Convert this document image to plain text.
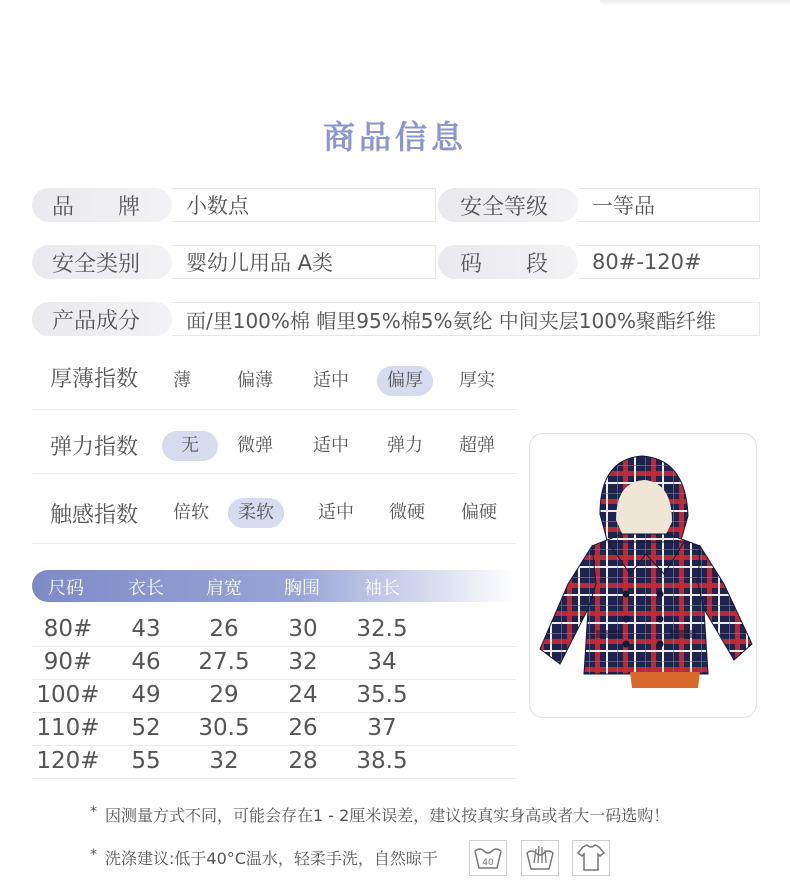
商品信息
品　　牌	小数点	安全等级	一等品
安全类别	婴幼儿用品 A类	码　　段	80#-120#
产品成分	面/里100%棉 帽里95%棉5%氨纶 中间夹层100%聚酯纤维
厚薄指数	薄	偏薄	适中	偏厚	厚实
弹力指数	无	微弹	适中	弹力	超弹
触感指数	倍软	柔软	适中	微硬	偏硬
尺码 衣长 肩宽 胸围 袖长
80#	43	26	30	32.5
90#	46	27.5	32	34
100#	49	29	24	35.5
110#	52	30.5	26	37
120#	55	32	28	38.5
* 因测量方式不同，可能会存在1 - 2厘米误差，建议按真实身高或者大一码选购！
* 洗涤建议:低于40°C温水，轻柔手洗，自然晾干	40
